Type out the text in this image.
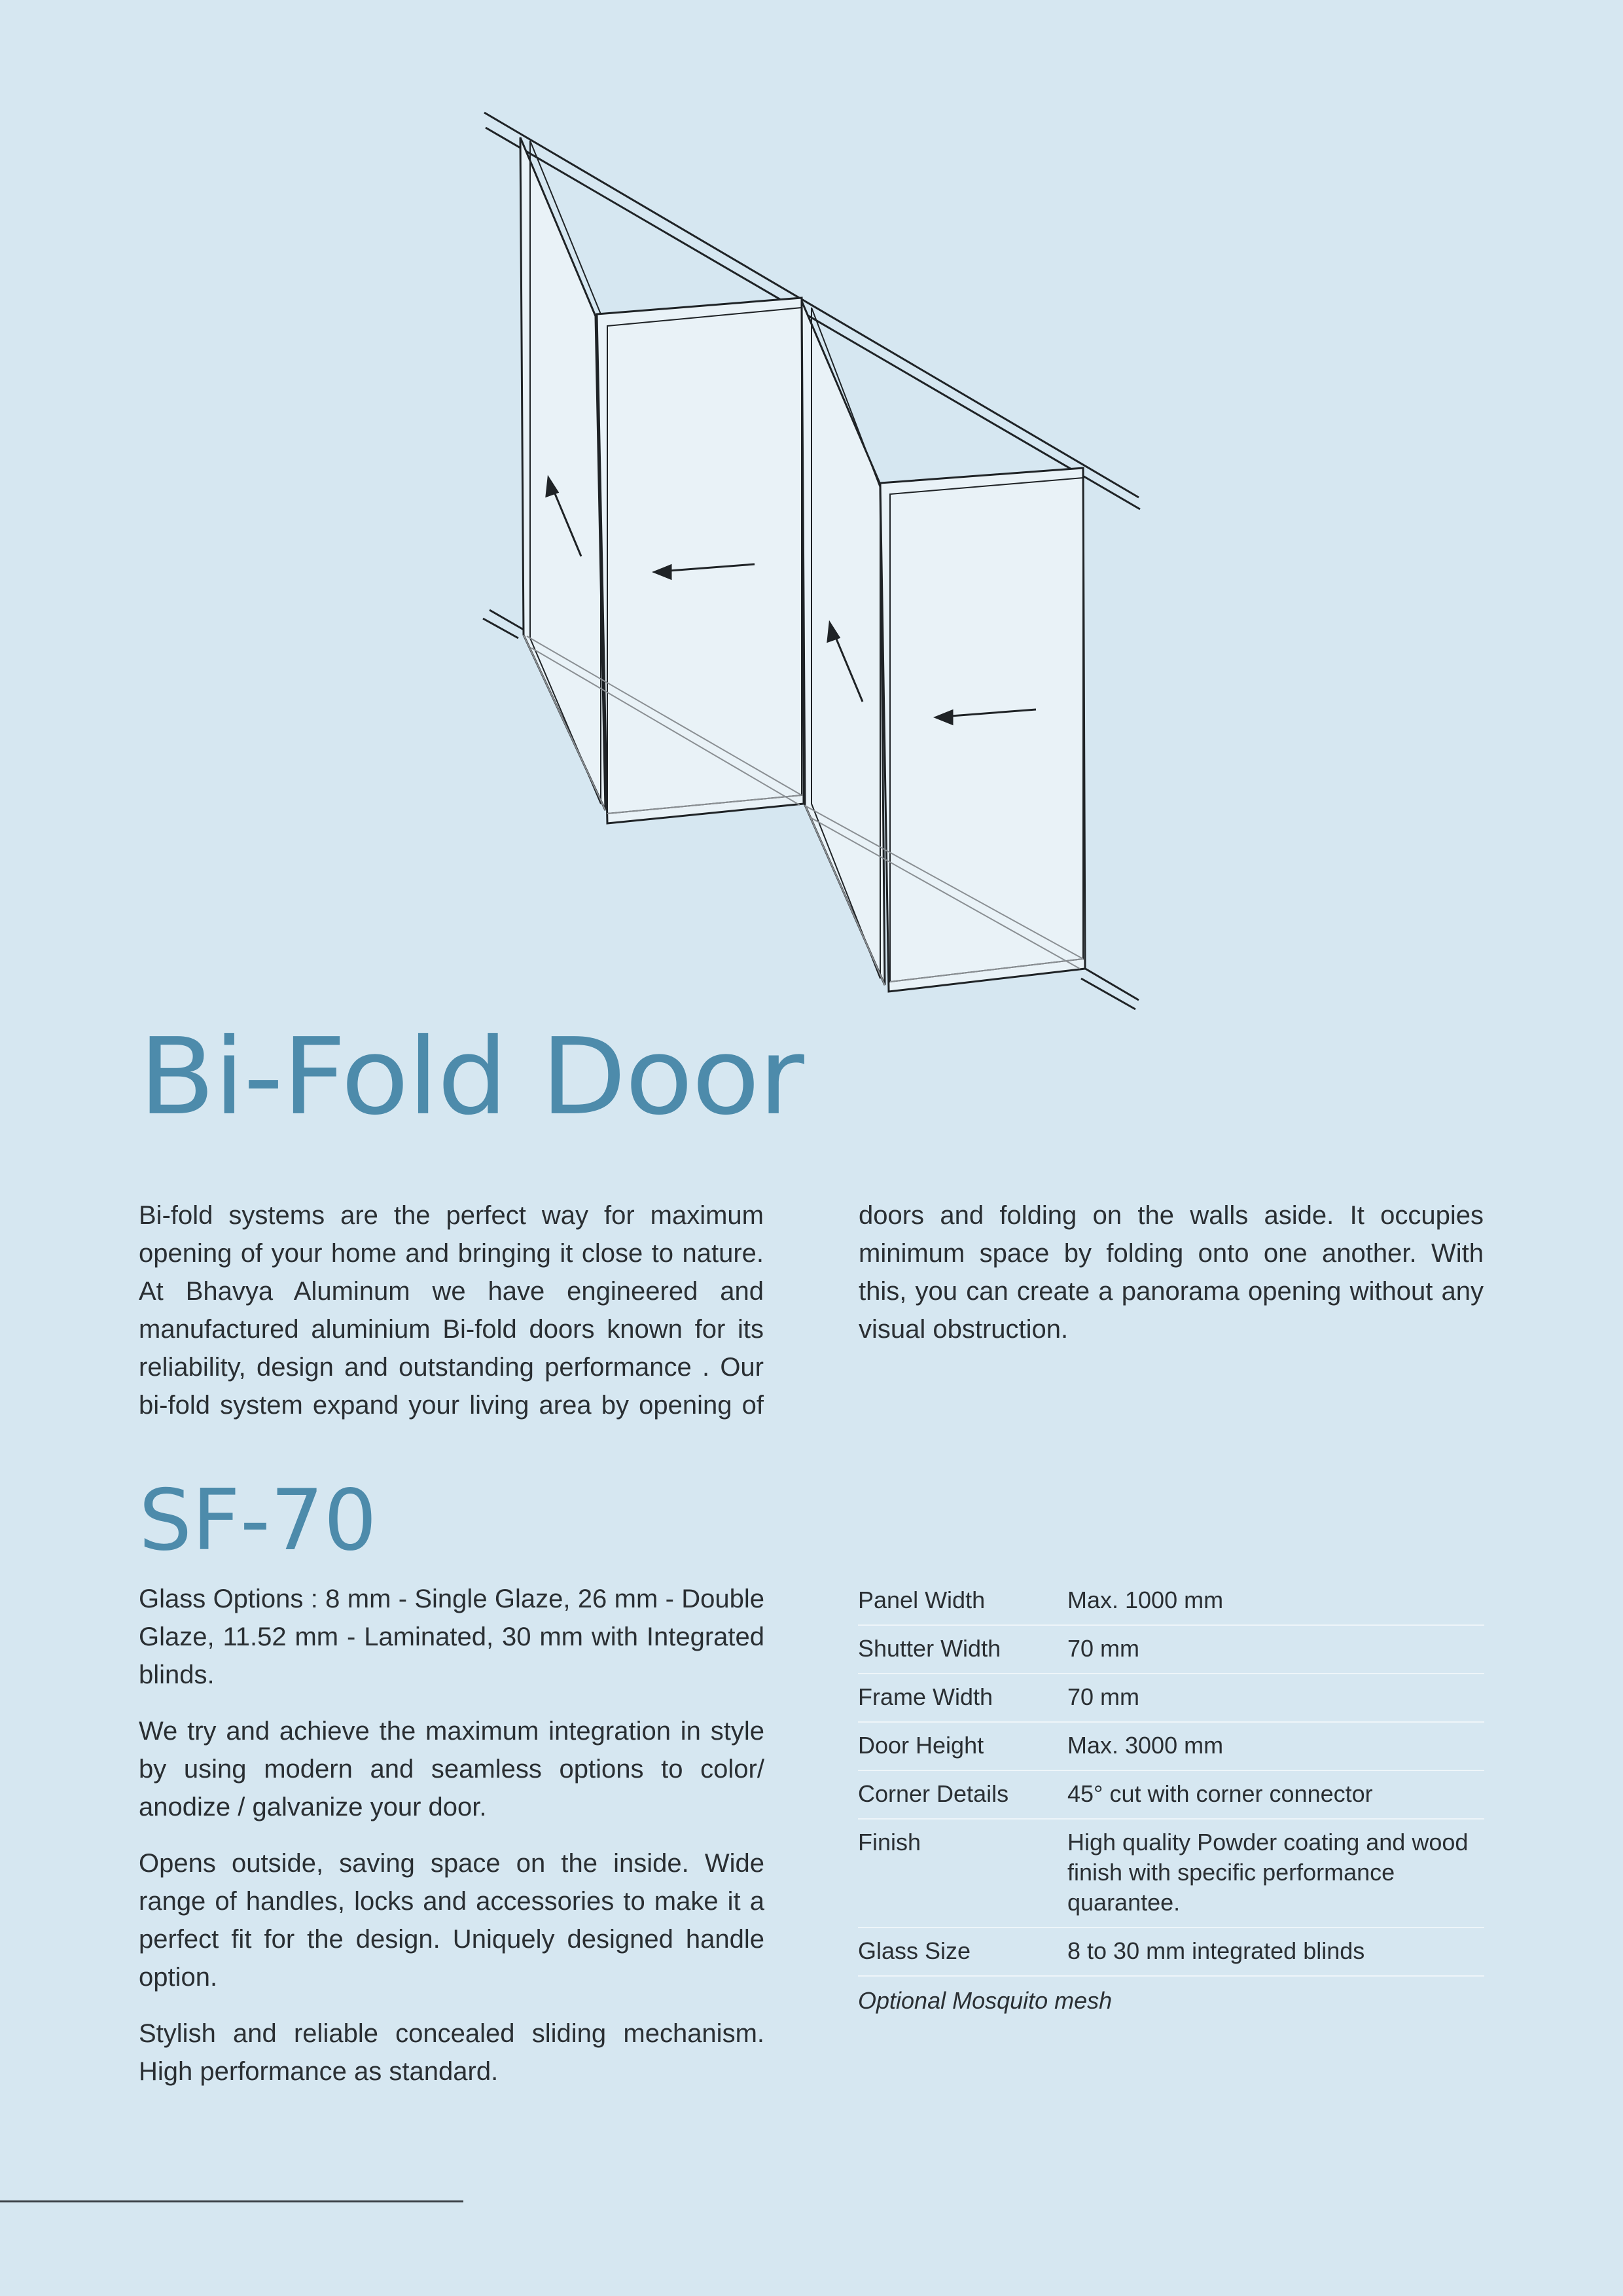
Bi-Fold Door

Bi-fold systems are the perfect way for maximum opening of your home and bringing it close to nature. At Bhavya Aluminum we have engineered and manufactured aluminium Bi-fold doors known for its reliability, design and outstanding performance . Our bi-fold system expand your living area by opening of doors and folding on the walls aside. It occupies minimum space by folding onto one another. With this, you can create a panorama opening without any visual obstruction.

SF-70

Glass Options : 8 mm - Single Glaze, 26 mm - Double Glaze, 11.52 mm - Laminated, 30 mm with Integrated blinds.

We try and achieve the maximum integration in style by using modern and seamless options to color/ anodize / galvanize your door.

Opens outside, saving space on the inside. Wide range of handles, locks and accessories to make it a perfect fit for the design. Uniquely designed handle option.

Stylish and reliable concealed sliding mechanism. High performance as standard.

Panel Width	Max. 1000 mm
Shutter Width	70 mm
Frame Width	70 mm
Door Height	Max. 3000 mm
Corner Details	45° cut with corner connector
Finish	High quality Powder coating and wood finish with specific performance quarantee.
Glass Size	8 to 30 mm integrated blinds
Optional Mosquito mesh
